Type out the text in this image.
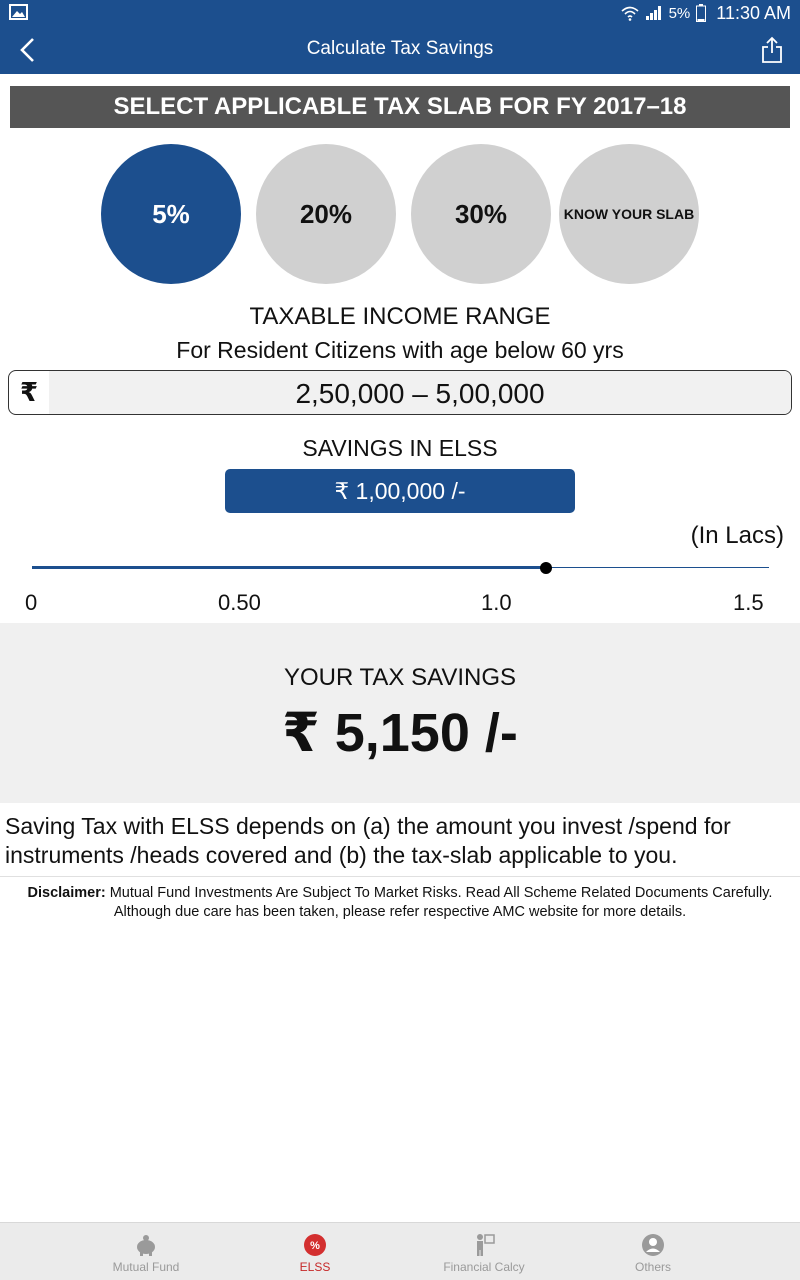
5% 11:30 AM
Calculate Tax Savings
SELECT APPLICABLE TAX SLAB FOR FY 2017–18
5%	20%	30%	KNOW YOUR SLAB
TAXABLE INCOME RANGE
For Resident Citizens with age below 60 yrs
₹	2,50,000 – 5,00,000
SAVINGS IN ELSS
₹ 1,00,000 /-
(In Lacs)
0	0.50	1.0	1.5
YOUR TAX SAVINGS
₹ 5,150 /-
Saving Tax with ELSS depends on (a) the amount you invest /spend for instruments /heads covered and (b) the tax-slab applicable to you.
Disclaimer: Mutual Fund Investments Are Subject To Market Risks. Read All Scheme Related Documents Carefully. Although due care has been taken, please refer respective AMC website for more details.
Mutual Fund
%
ELSS	Financial Calcy	Others
